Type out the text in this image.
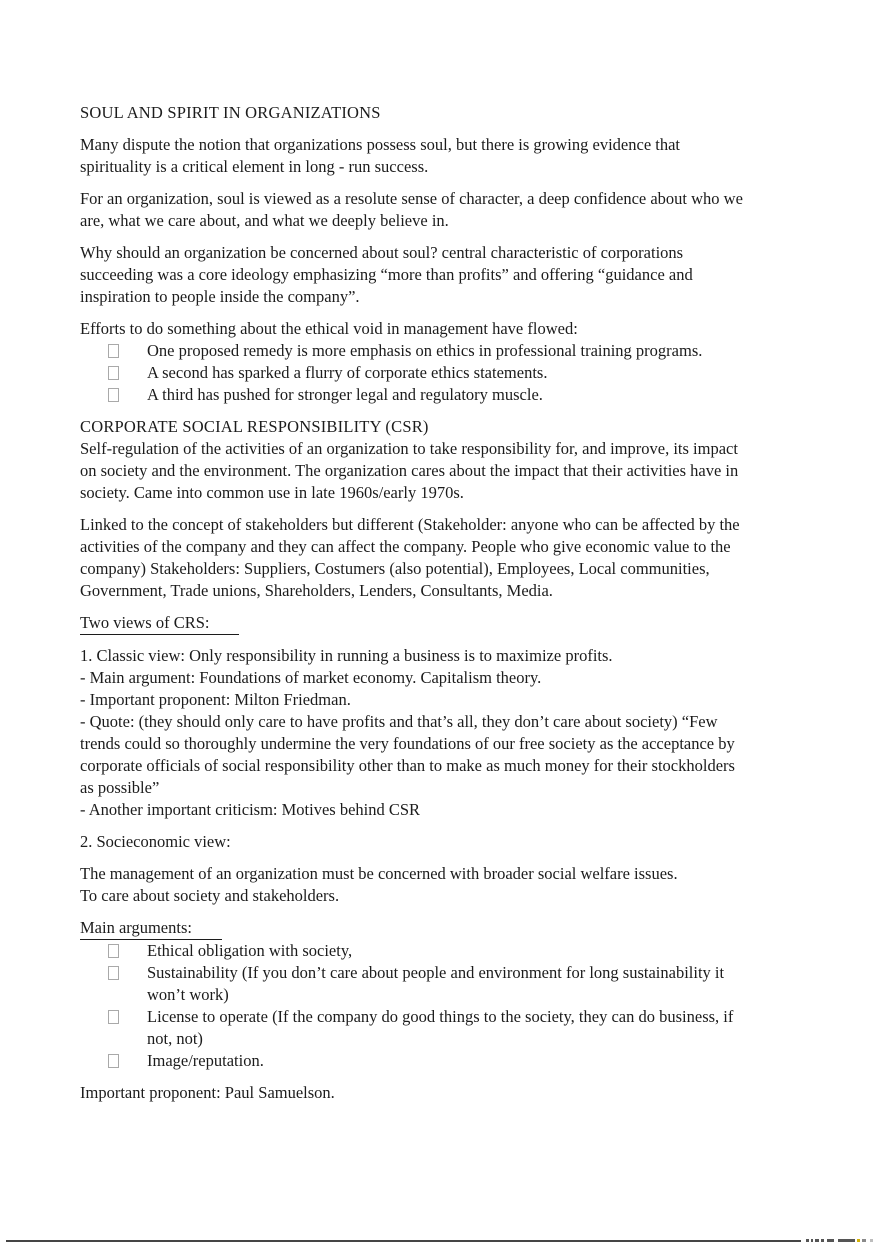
SOUL AND SPIRIT IN ORGANIZATIONS

Many dispute the notion that organizations possess soul, but there is growing evidence that spirituality is a critical element in long - run success.

For an organization, soul is viewed as a resolute sense of character, a deep confidence about who we are, what we care about, and what we deeply believe in.

Why should an organization be concerned about soul? central characteristic of corporations succeeding was a core ideology emphasizing “more than profits” and offering “guidance and inspiration to people inside the company”.

Efforts to do something about the ethical void in management have flowed:

One proposed remedy is more emphasis on ethics in professional training programs.
A second has sparked a flurry of corporate ethics statements.
A third has pushed for stronger legal and regulatory muscle.
CORPORATE SOCIAL RESPONSIBILITY (CSR)

Self-regulation of the activities of an organization to take responsibility for, and improve, its impact on society and the environment. The organization cares about the impact that their activities have in society. Came into common use in late 1960s/early 1970s.

Linked to the concept of stakeholders but different (Stakeholder: anyone who can be affected by the activities of the company and they can affect the company. People who give economic value to the company) Stakeholders: Suppliers, Costumers (also potential), Employees, Local communities, Government, Trade unions, Shareholders, Lenders, Consultants, Media.

Two views of CRS:
1. Classic view: Only responsibility in running a business is to maximize profits.
- Main argument: Foundations of market economy. Capitalism theory.
- Important proponent: Milton Friedman.
- Quote: (they should only care to have profits and that’s all, they don’t care about society) “Few trends could so thoroughly undermine the very foundations of our free society as the acceptance by corporate officials of social responsibility other than to make as much money for their stockholders as possible”
- Another important criticism: Motives behind CSR

2. Socieconomic view:

The management of an organization must be concerned with broader social welfare issues.
To care about society and stakeholders.
Main arguments:
Ethical obligation with society,
Sustainability (If you don’t care about people and environment for long sustainability it won’t work)
License to operate (If the company do good things to the society, they can do business, if not, not)
Image/reputation.

Important proponent: Paul Samuelson.
